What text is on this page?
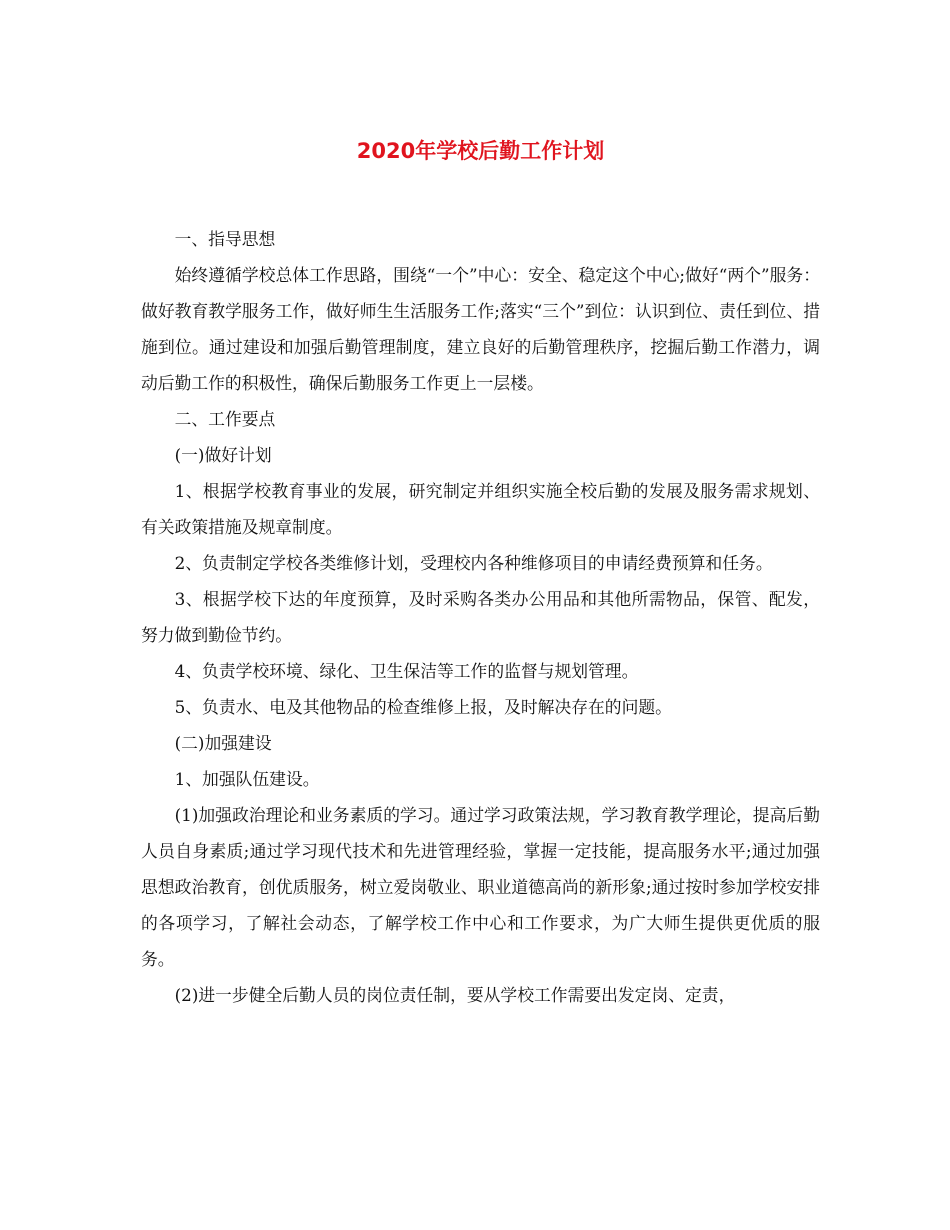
2020年学校后勤工作计划

一、指导思想

始终遵循学校总体工作思路，围绕“一个”中心：安全、稳定这个中心;做好“两个”服务：做好教育教学服务工作，做好师生生活服务工作;落实“三个”到位：认识到位、责任到位、措施到位。通过建设和加强后勤管理制度，建立良好的后勤管理秩序，挖掘后勤工作潜力，调动后勤工作的积极性，确保后勤服务工作更上一层楼。

二、工作要点

(一)做好计划

1、根据学校教育事业的发展，研究制定并组织实施全校后勤的发展及服务需求规划、有关政策措施及规章制度。

2、负责制定学校各类维修计划，受理校内各种维修项目的申请经费预算和任务。

3、根据学校下达的年度预算，及时采购各类办公用品和其他所需物品，保管、配发，努力做到勤俭节约。

4、负责学校环境、绿化、卫生保洁等工作的监督与规划管理。

5、负责水、电及其他物品的检查维修上报，及时解决存在的问题。

(二)加强建设

1、加强队伍建设。

(1)加强政治理论和业务素质的学习。通过学习政策法规，学习教育教学理论，提高后勤人员自身素质;通过学习现代技术和先进管理经验，掌握一定技能，提高服务水平;通过加强思想政治教育，创优质服务，树立爱岗敬业、职业道德高尚的新形象;通过按时参加学校安排的各项学习，了解社会动态，了解学校工作中心和工作要求，为广大师生提供更优质的服务。

(2)进一步健全后勤人员的岗位责任制，要从学校工作需要出发定岗、定责，
